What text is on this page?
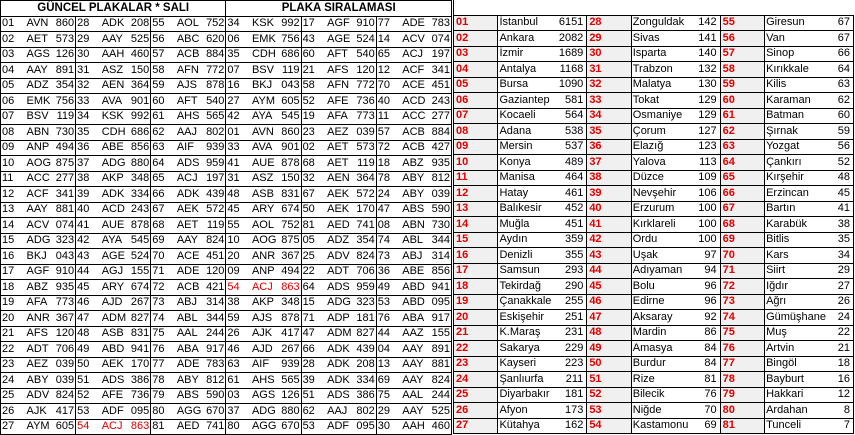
GÜNCEL PLAKALAR * SALI									PLAKA SIRALAMASI								
01	AVN	860	28	ADK	208	55	AOL	752	34	KSK	992	17	AGF	910	77	ADE	783
02	AET	573	29	AAY	525	56	ABC	620	06	EMK	756	43	AGE	524	14	ACV	074
03	AGS	126	30	AAH	460	57	ACB	884	35	CDH	686	60	AFT	540	65	ACJ	197
04	AAY	891	31	ASZ	150	58	AFN	772	07	BSV	119	21	AFS	120	12	ACF	341
05	ADZ	354	32	AEN	364	59	AJS	878	16	BKJ	043	58	AFN	772	70	ACE	451
06	EMK	756	33	AVA	901	60	AFT	540	27	AYM	605	52	AFE	736	40	ACD	243
07	BSV	119	34	KSK	992	61	AHS	565	42	AYA	545	19	AFA	773	11	ACC	277
08	ABN	730	35	CDH	686	62	AAJ	802	01	AVN	860	23	AEZ	039	57	ACB	884
09	ANP	494	36	ABE	856	63	AIF	939	33	AVA	901	02	AET	573	72	ACB	427
10	AOG	875	37	ADG	880	64	ADS	959	41	AUE	878	68	AET	119	18	ABZ	935
11	ACC	277	38	AKP	348	65	ACJ	197	31	ASZ	150	32	AEN	364	78	ABY	812
12	ACF	341	39	ADK	334	66	ADK	439	48	ASB	831	67	AEK	572	24	ABY	039
13	AAY	881	40	ACD	243	67	AEK	572	45	ARY	674	50	AEK	170	47	ABS	590
14	ACV	074	41	AUE	878	68	AET	119	55	AOL	752	81	AED	741	08	ABN	730
15	ADG	323	42	AYA	545	69	AAY	824	10	AOG	875	05	ADZ	354	74	ABL	344
16	BKJ	043	43	AGE	524	70	ACE	451	20	ANR	367	25	ADV	824	73	ABJ	314
17	AGF	910	44	AGJ	155	71	ADE	120	09	ANP	494	22	ADT	706	36	ABE	856
18	ABZ	935	45	ARY	674	72	ACB	421	54	ACJ	863	64	ADS	959	49	ABD	941
19	AFA	773	46	AJD	267	73	ABJ	314	38	AKP	348	15	ADG	323	53	ABD	095
20	ANR	367	47	ADM	827	74	ABL	344	59	AJS	878	71	ADP	181	76	ABA	917
21	AFS	120	48	ASB	831	75	AAL	244	26	AJK	417	47	ADM	827	44	AAZ	155
22	ADT	706	49	ABD	941	76	ABA	917	46	AJD	267	66	ADK	439	04	AAY	891
23	AEZ	039	50	AEK	170	77	ADE	783	63	AIF	939	28	ADK	208	13	AAY	881
24	ABY	039	51	ADS	386	78	ABY	812	61	AHS	565	39	ADK	334	69	AAY	824
25	ADV	824	52	AFE	736	79	ABS	590	03	AGS	126	51	ADS	386	75	AAL	244
26	AJK	417	53	ADF	095	80	AGG	670	37	ADG	880	62	AAJ	802	29	AAY	525
27	AYM	605	54	ACJ	863	81	AED	741	80	AGG	670	53	ADF	095	30	AAH	460

01	İstanbul	6151	28	Zonguldak	142	55	Giresun	67
02	Ankara	2082	29	Sivas	141	56	Van	67
03	İzmir	1689	30	Isparta	140	57	Sinop	66
04	Antalya	1168	31	Trabzon	132	58	Kırıkkale	64
05	Bursa	1090	32	Malatya	130	59	Kilis	63
06	Gaziantep	581	33	Tokat	129	60	Karaman	62
07	Kocaeli	564	34	Osmaniye	129	61	Batman	60
08	Adana	538	35	Çorum	127	62	Şırnak	59
09	Mersin	537	36	Elazığ	123	63	Yozgat	56
10	Konya	489	37	Yalova	113	64	Çankırı	52
11	Manisa	464	38	Düzce	109	65	Kırşehir	48
12	Hatay	461	39	Nevşehir	106	66	Erzincan	45
13	Balıkesir	452	40	Erzurum	100	67	Bartın	41
14	Muğla	451	41	Kırklareli	100	68	Karabük	38
15	Aydın	359	42	Ordu	100	69	Bitlis	35
16	Denizli	355	43	Uşak	97	70	Kars	34
17	Samsun	293	44	Adıyaman	94	71	Siirt	29
18	Tekirdağ	290	45	Bolu	96	72	Iğdır	27
19	Çanakkale	255	46	Edirne	96	73	Ağrı	26
20	Eskişehir	251	47	Aksaray	92	74	Gümüşhane	24
21	K.Maraş	231	48	Mardin	86	75	Muş	22
22	Sakarya	229	49	Amasya	84	76	Artvin	21
23	Kayseri	223	50	Burdur	84	77	Bingöl	18
24	Şanlıurfa	211	51	Rize	81	78	Bayburt	16
25	Diyarbakır	181	52	Bilecik	76	79	Hakkari	12
26	Afyon	173	53	Niğde	70	80	Ardahan	8
27	Kütahya	162	54	Kastamonu	69	81	Tunceli	7
